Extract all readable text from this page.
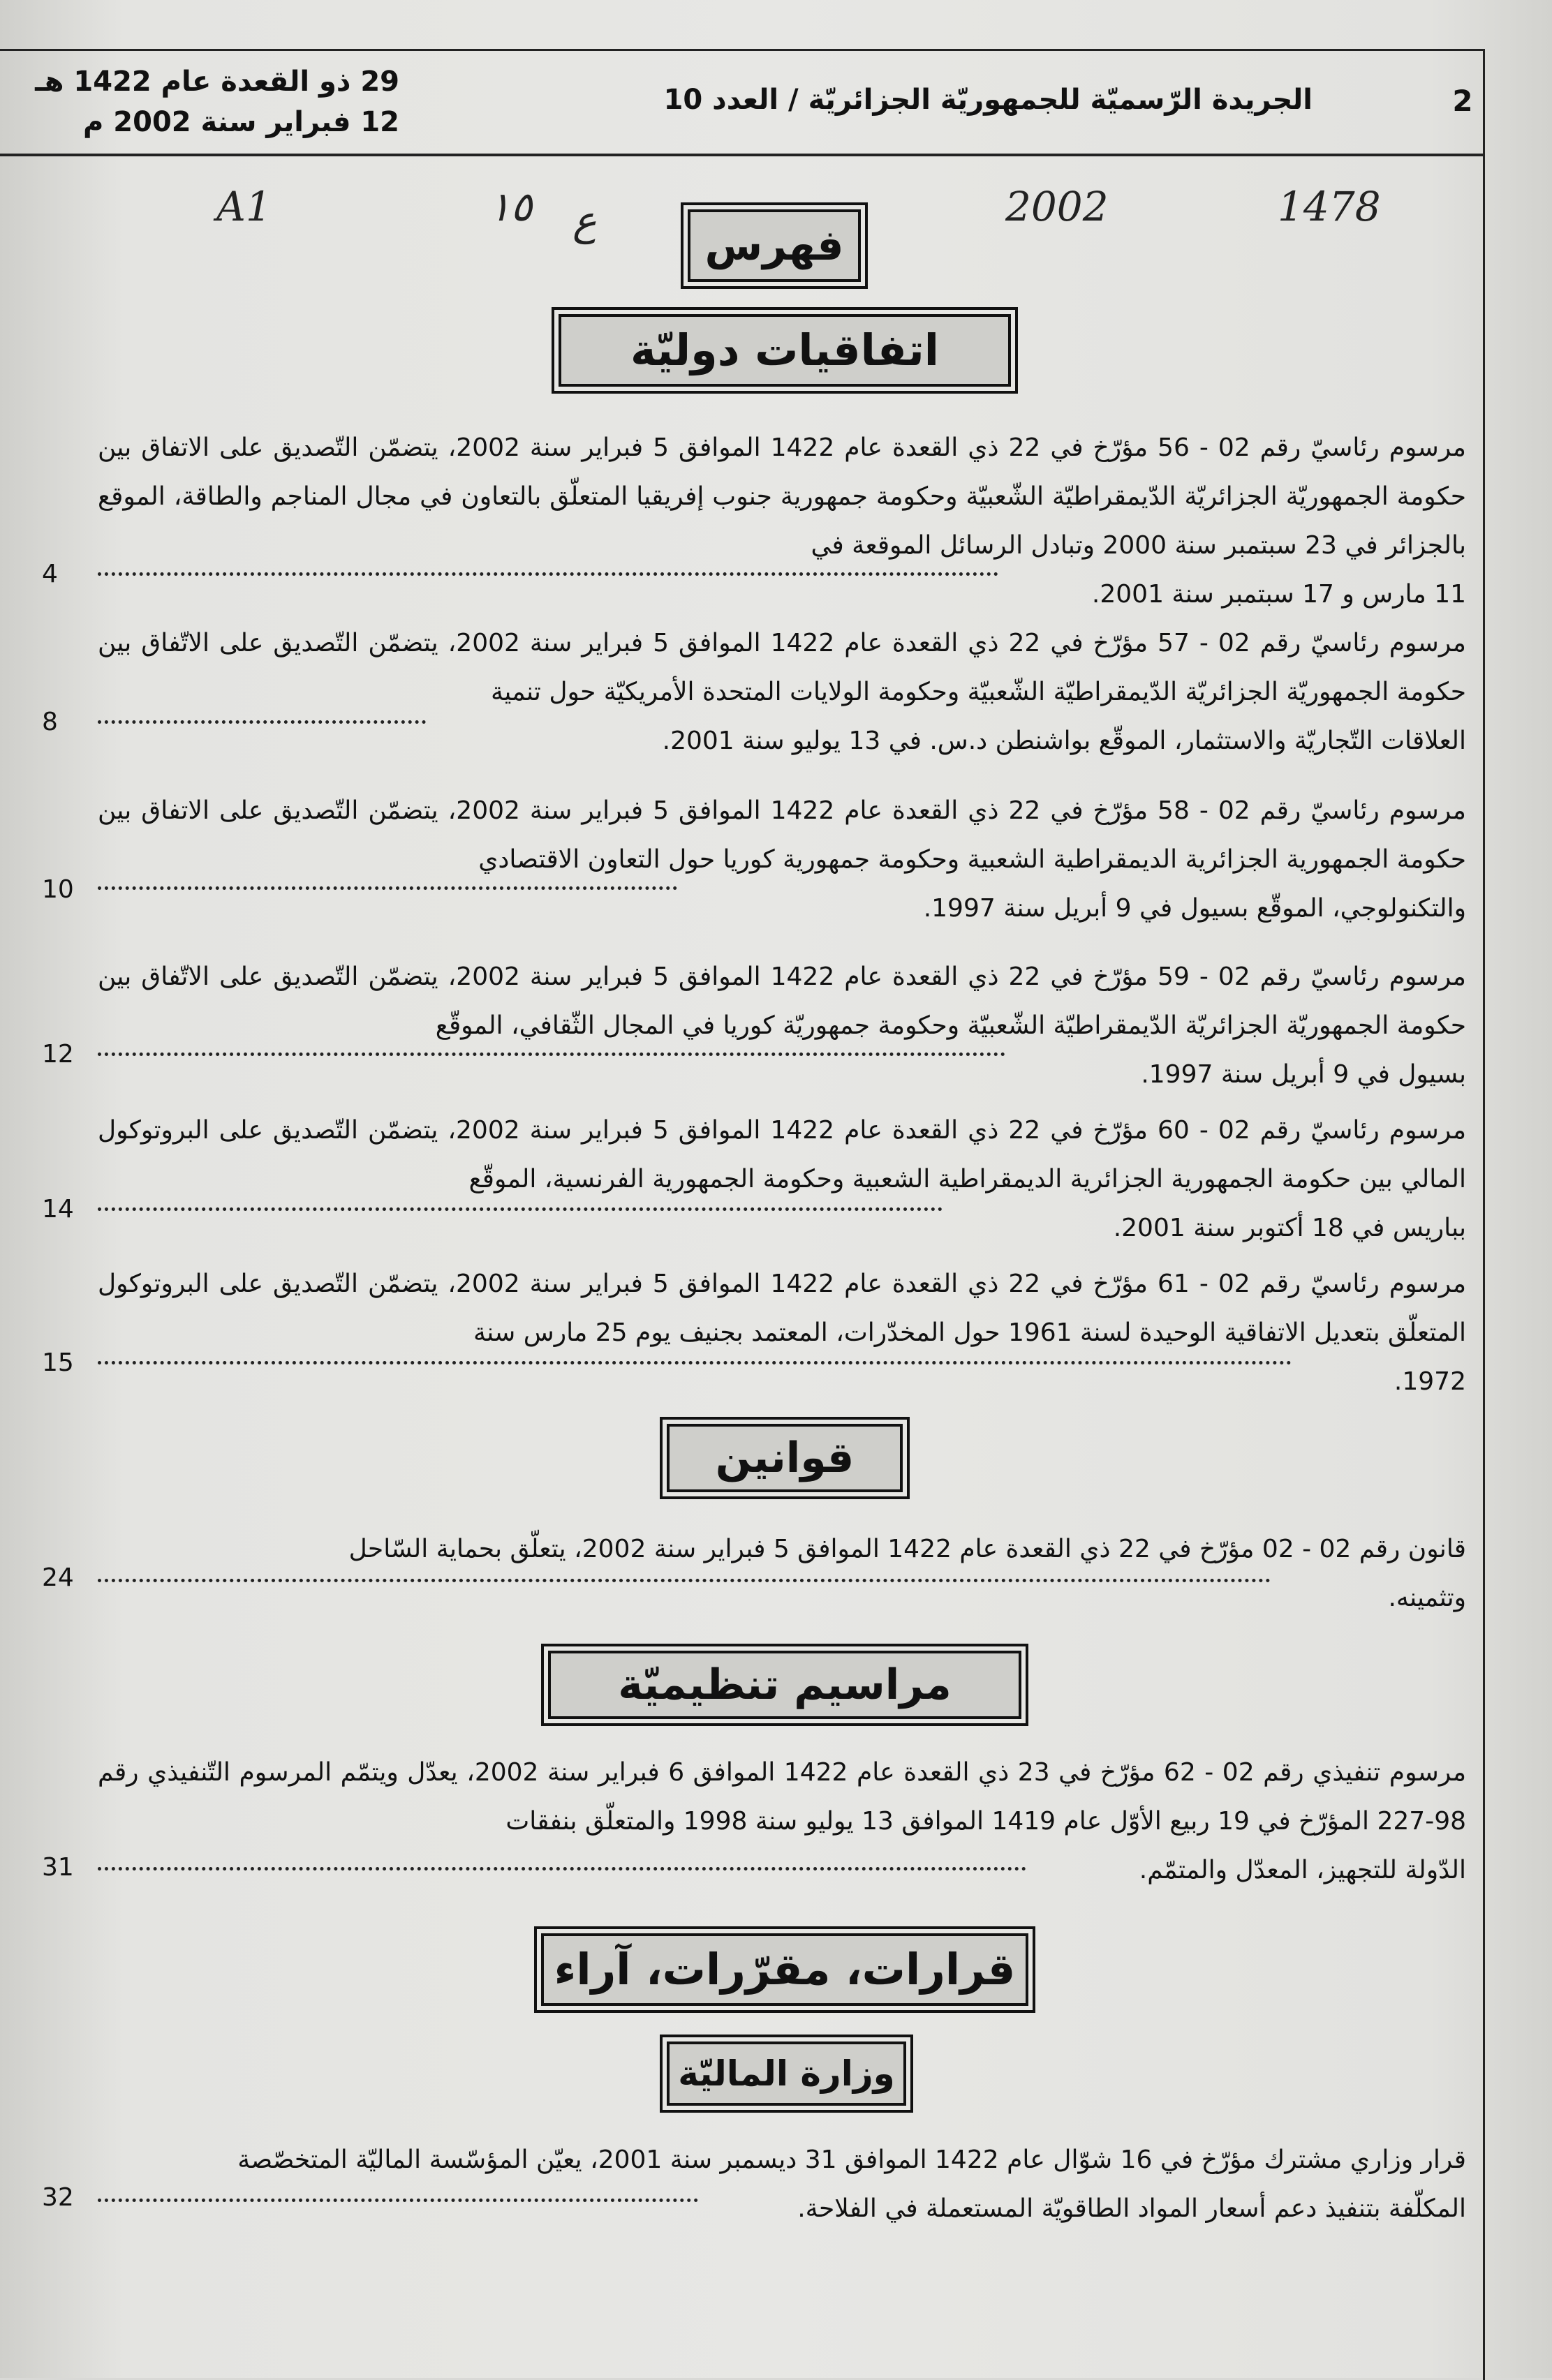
29 ذو القعدة عام 1422 هـ
12 فبراير سنة 2002 م
الجريدة الرّسميّة للجمهوريّة الجزائريّة / العدد 10	2
A1	١٥ ع	2002	1478
فهرس
اتفاقيات دوليّة
مرسوم رئاسيّ رقم 02 - 56 مؤرّخ في 22 ذي القعدة عام 1422 الموافق 5 فبراير سنة 2002، يتضمّن التّصديق على الاتفاق بين حكومة الجمهوريّة الجزائريّة الدّيمقراطيّة الشّعبيّة وحكومة جمهورية جنوب إفريقيا المتعلّق بالتعاون في مجال المناجم والطاقة، الموقع بالجزائر في 23 سبتمبر سنة 2000 وتبادل الرسائل الموقعة في
11 مارس و 17 سبتمبر سنة 2001.
4
مرسوم رئاسيّ رقم 02 - 57 مؤرّخ في 22 ذي القعدة عام 1422 الموافق 5 فبراير سنة 2002، يتضمّن التّصديق على الاتّفاق بين حكومة الجمهوريّة الجزائريّة الدّيمقراطيّة الشّعبيّة وحكومة الولايات المتحدة الأمريكيّة حول تنمية
العلاقات التّجاريّة والاستثمار، الموقّع بواشنطن د.س. في 13 يوليو سنة 2001.
8
مرسوم رئاسيّ رقم 02 - 58 مؤرّخ في 22 ذي القعدة عام 1422 الموافق 5 فبراير سنة 2002، يتضمّن التّصديق على الاتفاق بين حكومة الجمهورية الجزائرية الديمقراطية الشعبية وحكومة جمهورية كوريا حول التعاون الاقتصادي
والتكنولوجي، الموقّع بسيول في 9 أبريل سنة 1997.
10
مرسوم رئاسيّ رقم 02 - 59 مؤرّخ في 22 ذي القعدة عام 1422 الموافق 5 فبراير سنة 2002، يتضمّن التّصديق على الاتّفاق بين حكومة الجمهوريّة الجزائريّة الدّيمقراطيّة الشّعبيّة وحكومة جمهوريّة كوريا في المجال الثّقافي، الموقّع
بسيول في 9 أبريل سنة 1997.
12
مرسوم رئاسيّ رقم 02 - 60 مؤرّخ في 22 ذي القعدة عام 1422 الموافق 5 فبراير سنة 2002، يتضمّن التّصديق على البروتوكول المالي بين حكومة الجمهورية الجزائرية الديمقراطية الشعبية وحكومة الجمهورية الفرنسية، الموقّع
بباريس في 18 أكتوبر سنة 2001.
14
مرسوم رئاسيّ رقم 02 - 61 مؤرّخ في 22 ذي القعدة عام 1422 الموافق 5 فبراير سنة 2002، يتضمّن التّصديق على البروتوكول المتعلّق بتعديل الاتفاقية الوحيدة لسنة 1961 حول المخدّرات، المعتمد بجنيف يوم 25 مارس سنة
1972.
15
قوانين
قانون رقم 02 - 02 مؤرّخ في 22 ذي القعدة عام 1422 الموافق 5 فبراير سنة 2002، يتعلّق بحماية السّاحل
وتثمينه.
24
مراسيم تنظيميّة
مرسوم تنفيذي رقم 02 - 62 مؤرّخ في 23 ذي القعدة عام 1422 الموافق 6 فبراير سنة 2002، يعدّل ويتمّم المرسوم التّنفيذي رقم 98-227 المؤرّخ في 19 ربيع الأوّل عام 1419 الموافق 13 يوليو سنة 1998 والمتعلّق بنفقات
الدّولة للتجهيز، المعدّل والمتمّم.
31
قرارات، مقرّرات، آراء
وزارة الماليّة
قرار وزاري مشترك مؤرّخ في 16 شوّال عام 1422 الموافق 31 ديسمبر سنة 2001، يعيّن المؤسّسة الماليّة المتخصّصة
المكلّفة بتنفيذ دعم أسعار المواد الطاقويّة المستعملة في الفلاحة.
32
